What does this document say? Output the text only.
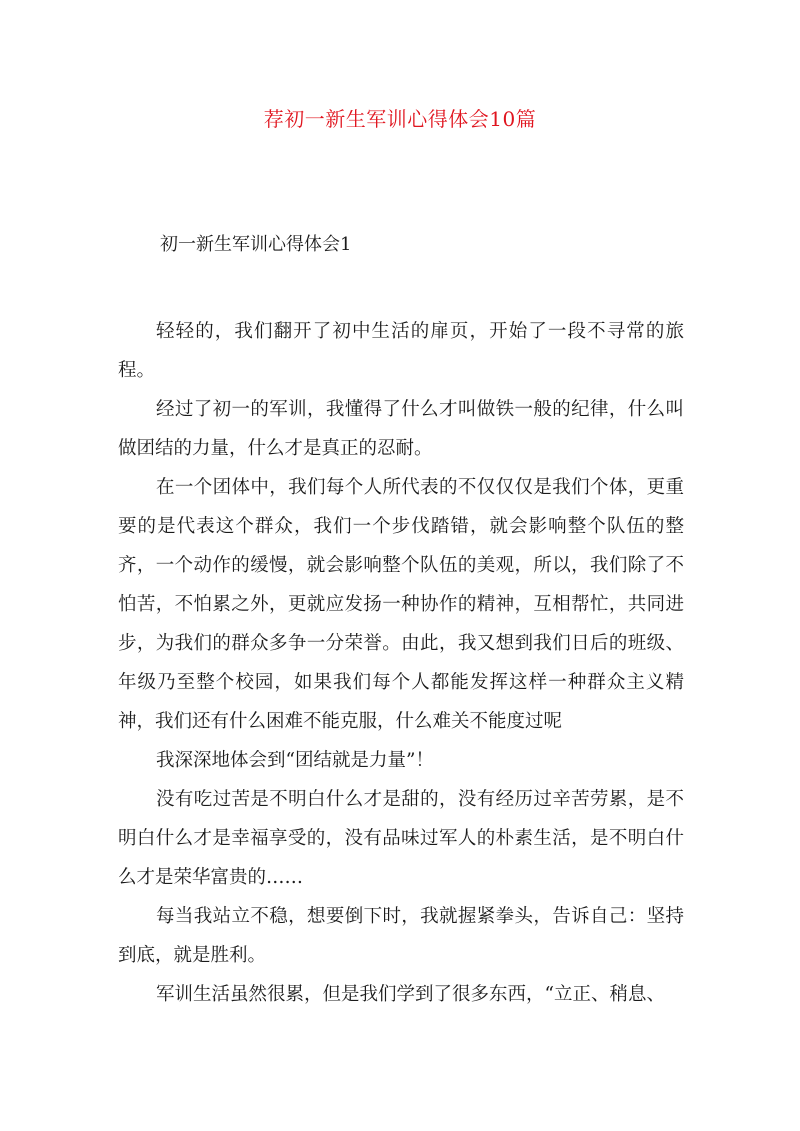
荐初一新生军训心得体会10篇
初一新生军训心得体会1

轻轻的，我们翻开了初中生活的扉页，开始了一段不寻常的旅程。

经过了初一的军训，我懂得了什么才叫做铁一般的纪律，什么叫做团结的力量，什么才是真正的忍耐。

在一个团体中，我们每个人所代表的不仅仅仅是我们个体，更重要的是代表这个群众，我们一个步伐踏错，就会影响整个队伍的整齐，一个动作的缓慢，就会影响整个队伍的美观，所以，我们除了不怕苦，不怕累之外，更就应发扬一种协作的精神，互相帮忙，共同进步，为我们的群众多争一分荣誉。由此，我又想到我们日后的班级、年级乃至整个校园，如果我们每个人都能发挥这样一种群众主义精神，我们还有什么困难不能克服，什么难关不能度过呢

我深深地体会到“团结就是力量”！

没有吃过苦是不明白什么才是甜的，没有经历过辛苦劳累，是不明白什么才是幸福享受的，没有品味过军人的朴素生活，是不明白什么才是荣华富贵的……

每当我站立不稳，想要倒下时，我就握紧拳头，告诉自己：坚持到底，就是胜利。

军训生活虽然很累，但是我们学到了很多东西，“立正、稍息、
